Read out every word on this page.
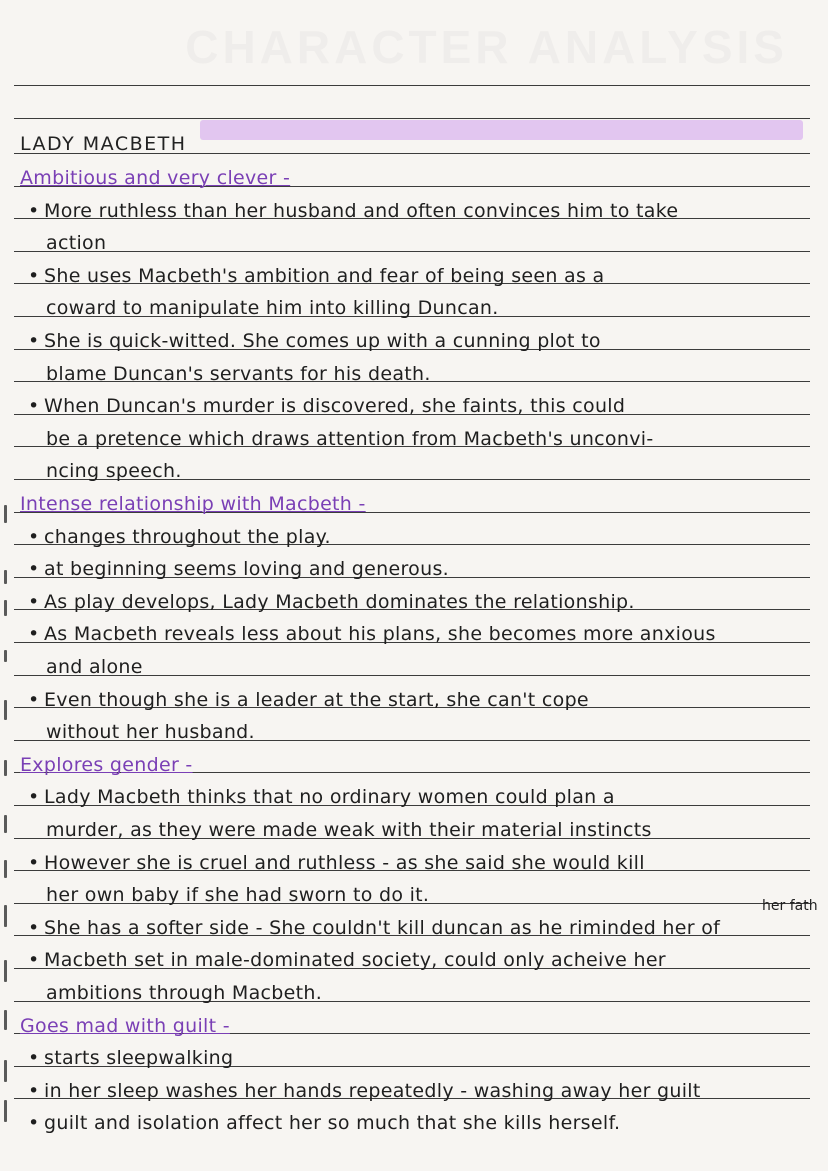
CHARACTER ANALYSIS
LADY MACBETH
Ambitious and very clever -
• More ruthless than her husband and often convinces him to take
action
• She uses Macbeth's ambition and fear of being seen as a
coward to manipulate him into killing Duncan.
• She is quick-witted. She comes up with a cunning plot to
blame Duncan's servants for his death.
• When Duncan's murder is discovered, she faints, this could
be a pretence which draws attention from Macbeth's unconvi-
ncing speech.
Intense relationship with Macbeth -
• changes throughout the play.
• at beginning seems loving and generous.
• As play develops, Lady Macbeth dominates the relationship.
• As Macbeth reveals less about his plans, she becomes more anxious
and alone
• Even though she is a leader at the start, she can't cope
without her husband.
Explores gender -
• Lady Macbeth thinks that no ordinary women could plan a
murder, as they were made weak with their material instincts
• However she is cruel and ruthless - as she said she would kill
her own baby if she had sworn to do it.
• She has a softer side - She couldn't kill duncan as he riminded her of
• Macbeth set in male-dominated society, could only acheive her
ambitions through Macbeth.
Goes mad with guilt -
• starts sleepwalking
• in her sleep washes her hands repeatedly - washing away her guilt
• guilt and isolation affect her so much that she kills herself.
her fath
